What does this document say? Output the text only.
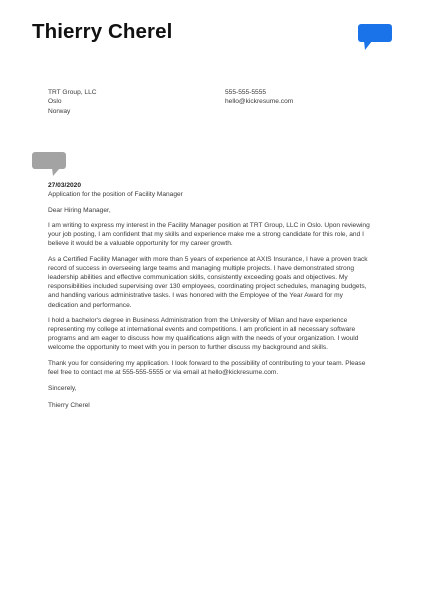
Thierry Cherel
TRT Group, LLC
Oslo
Norway
555-555-5555
hello@kickresume.com
27/03/2020
Application for the position of Facility Manager
Dear Hiring Manager,
I am writing to express my interest in the Facility Manager position at TRT Group, LLC in Oslo. Upon reviewing
your job posting, I am confident that my skills and experience make me a strong candidate for this role, and I
believe it would be a valuable opportunity for my career growth.
As a Certified Facility Manager with more than 5 years of experience at AXIS Insurance, I have a proven track
record of success in overseeing large teams and managing multiple projects. I have demonstrated strong
leadership abilities and effective communication skills, consistently exceeding goals and objectives. My
responsibilities included supervising over 130 employees, coordinating project schedules, managing budgets,
and handling various administrative tasks. I was honored with the Employee of the Year Award for my
dedication and performance.
I hold a bachelor's degree in Business Administration from the University of Milan and have experience
representing my college at international events and competitions. I am proficient in all necessary software
programs and am eager to discuss how my qualifications align with the needs of your organization. I would
welcome the opportunity to meet with you in person to further discuss my background and skills.
Thank you for considering my application. I look forward to the possibility of contributing to your team. Please
feel free to contact me at 555-555-5555 or via email at hello@kickresume.com.
Sincerely,
Thierry Cherel
